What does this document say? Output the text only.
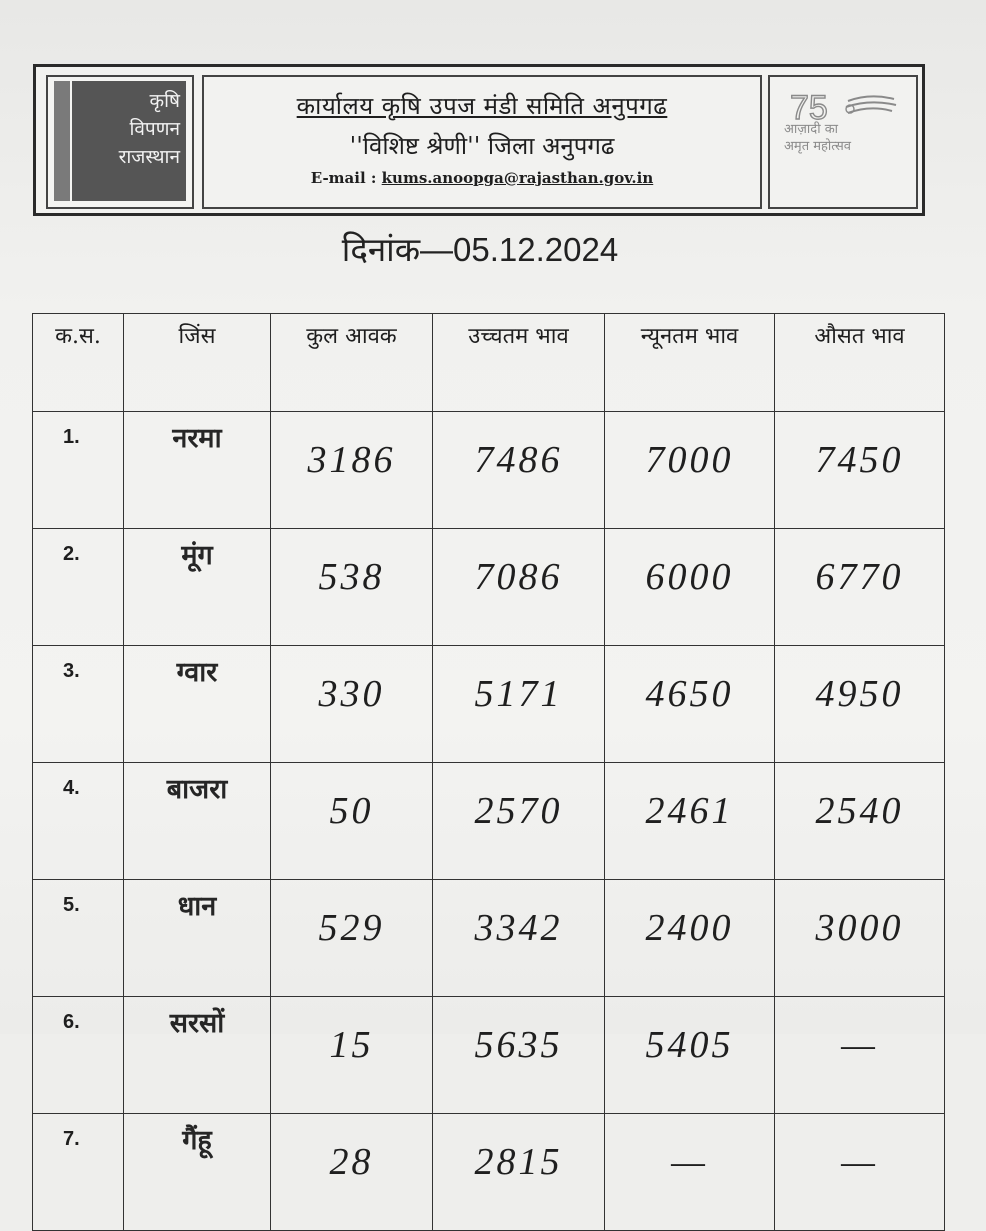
कृषि
विपणन
राजस्थान
कार्यालय कृषि उपज मंडी समिति अनुपगढ
''विशिष्ट श्रेणी'' जिला अनुपगढ
E-mail : kums.anoopga@rajasthan.gov.in
75
आज़ादी का
अमृत महोत्सव
दिनांक—05.12.2024
क.स.	जिंस	कुल आवक	उच्चतम भाव	न्यूनतम भाव	औसत भाव
1.	नरमा	3186	7486	7000	7450
2.	मूंग	538	7086	6000	6770
3.	ग्वार	330	5171	4650	4950
4.	बाजरा	50	2570	2461	2540
5.	धान	529	3342	2400	3000
6.	सरसों	15	5635	5405	—
7.	गैंहू	28	2815	—	—
